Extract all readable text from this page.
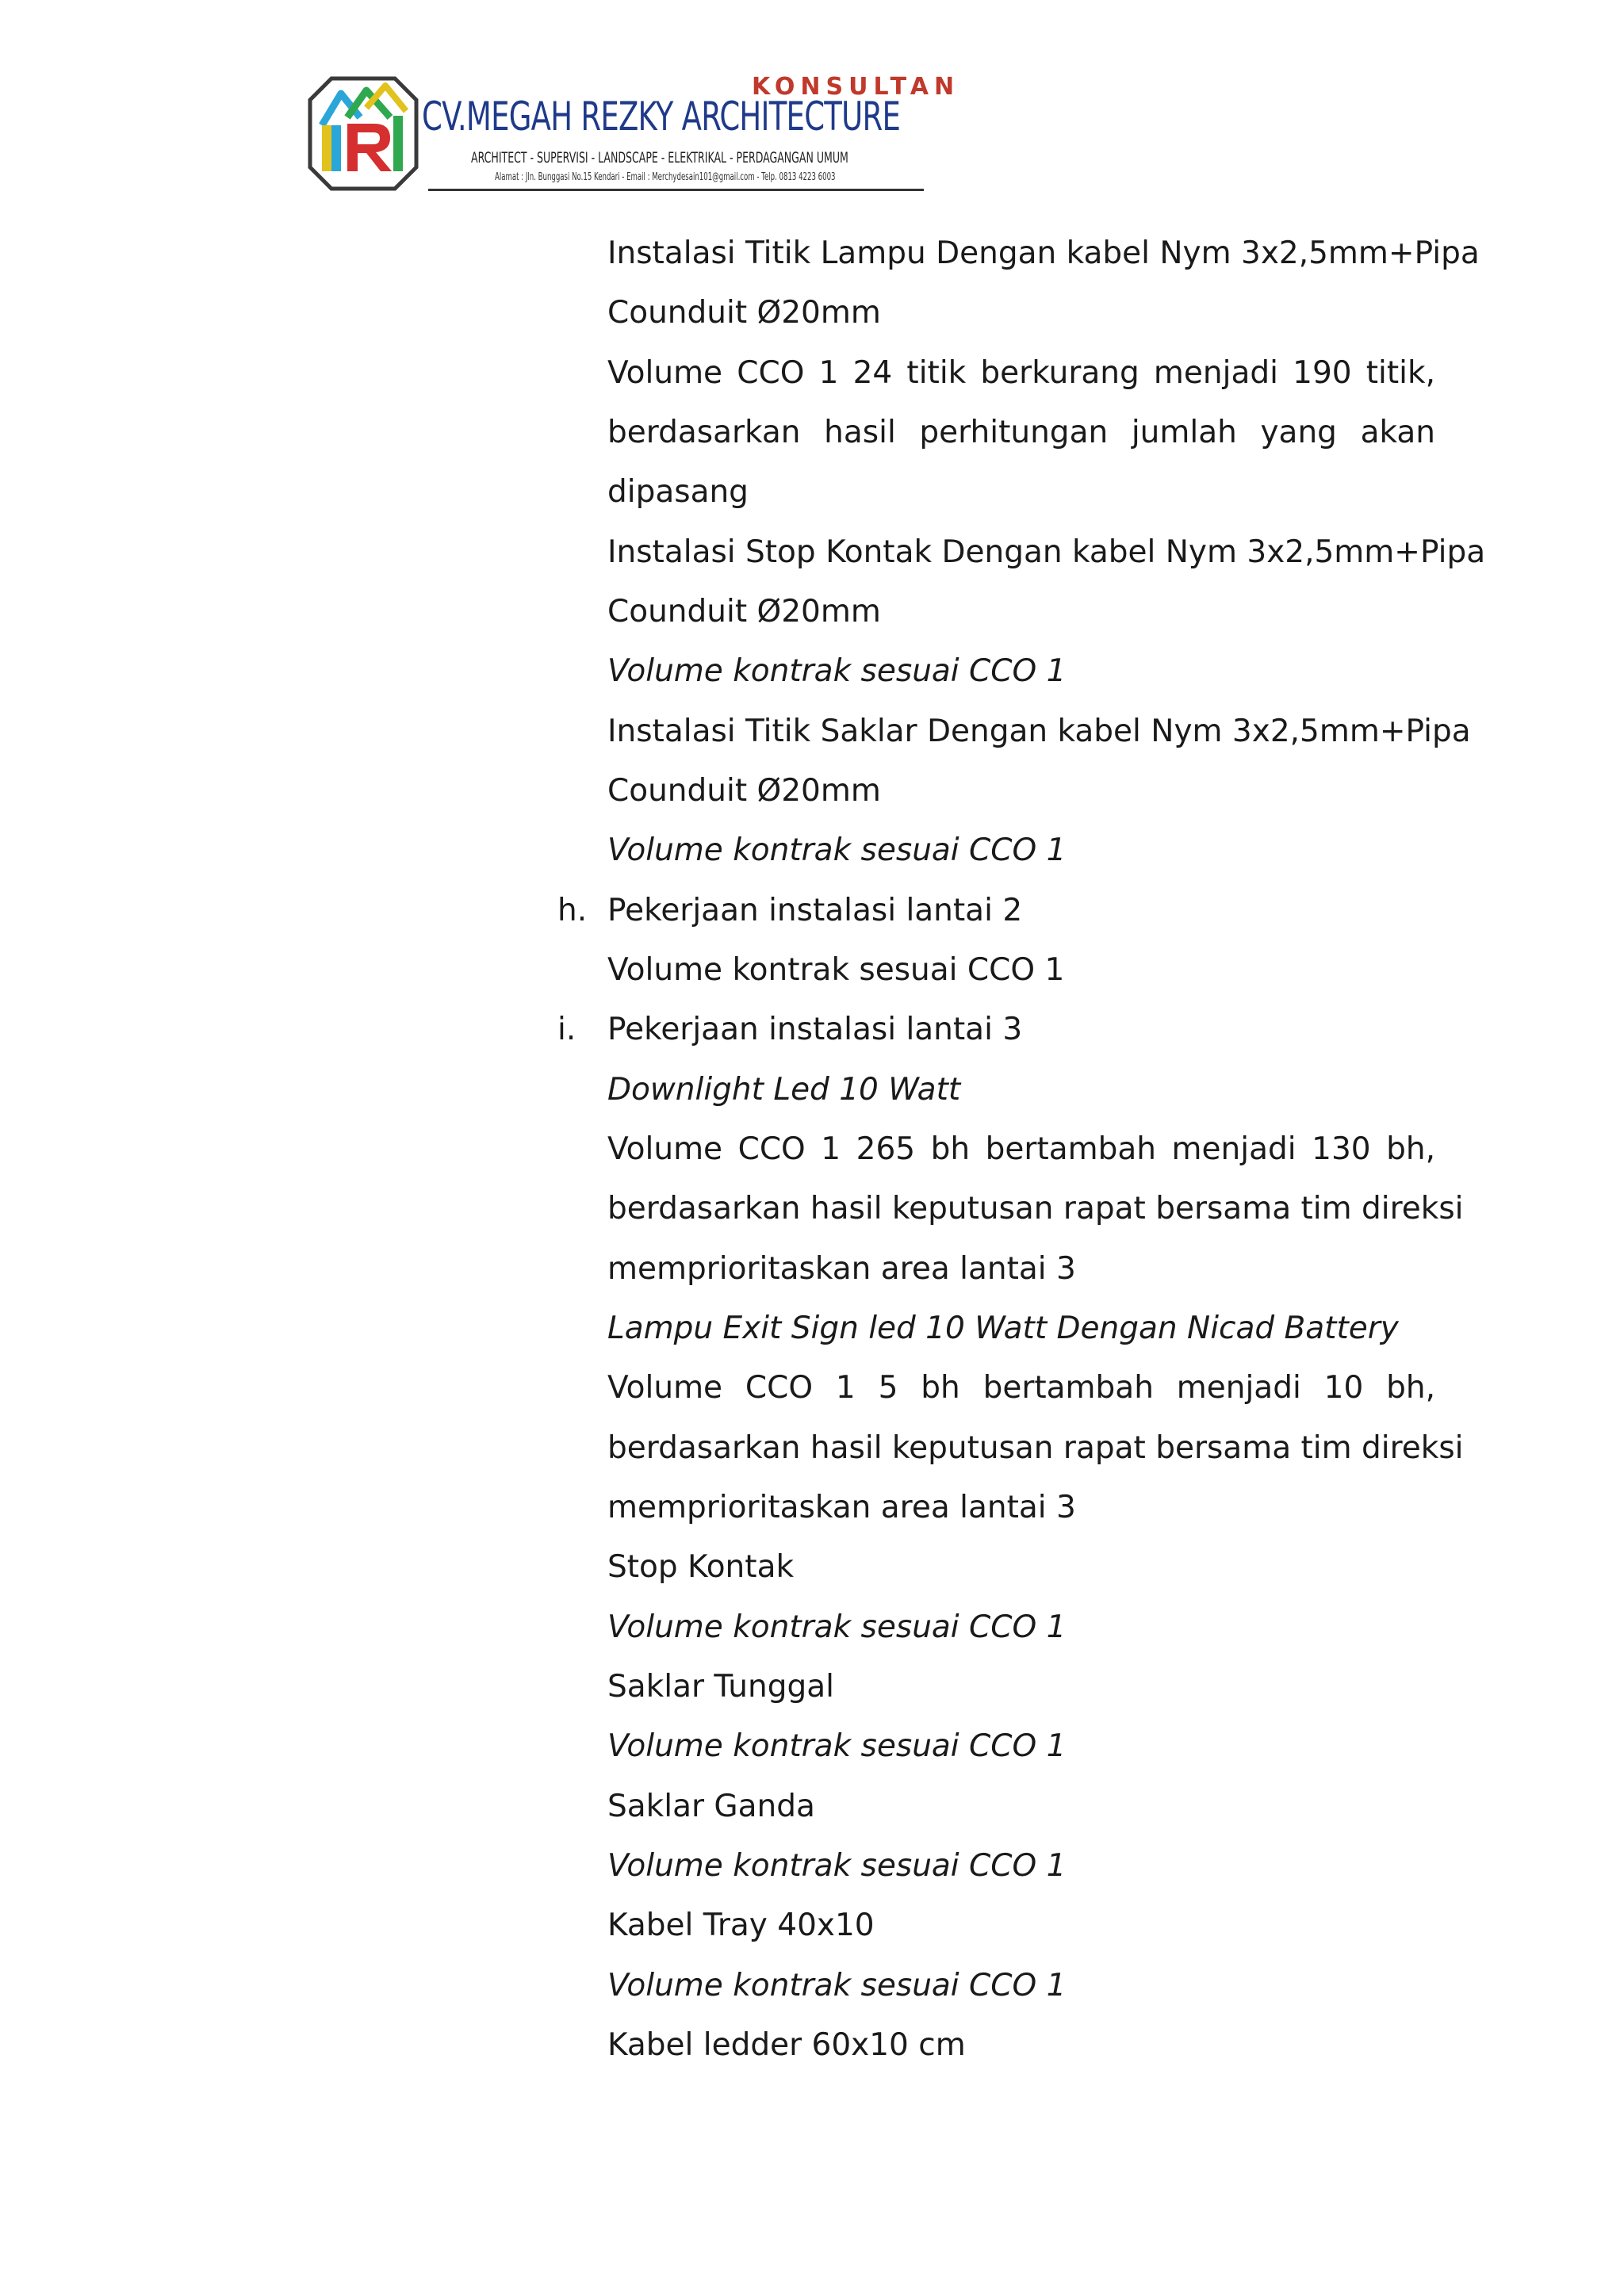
KONSULTAN
CV.MEGAH REZKY ARCHITECTURE
ARCHITECT - SUPERVISI - LANDSCAPE - ELEKTRIKAL - PERDAGANGAN UMUM
Alamat : Jln. Bunggasi No.15 Kendari - Email : Merchydesain101@gmail.com - Telp. 0813 4223 6003
Instalasi Titik Lampu Dengan kabel Nym 3x2,5mm+Pipa
Counduit Ø20mm
Volume CCO 1 24 titik berkurang menjadi 190 titik,
berdasarkan hasil perhitungan jumlah yang akan
dipasang
Instalasi Stop Kontak Dengan kabel Nym 3x2,5mm+Pipa
Counduit Ø20mm
Volume kontrak sesuai CCO 1
Instalasi Titik Saklar Dengan kabel Nym 3x2,5mm+Pipa
Counduit Ø20mm
Volume kontrak sesuai CCO 1
h. Pekerjaan instalasi lantai 2
Volume kontrak sesuai CCO 1
i. Pekerjaan instalasi lantai 3
Downlight Led 10 Watt
Volume CCO 1 265 bh bertambah menjadi 130 bh,
berdasarkan hasil keputusan rapat bersama tim direksi
memprioritaskan area lantai 3
Lampu Exit Sign led 10 Watt Dengan Nicad Battery
Volume CCO 1 5 bh bertambah menjadi 10 bh,
berdasarkan hasil keputusan rapat bersama tim direksi
memprioritaskan area lantai 3
Stop Kontak
Volume kontrak sesuai CCO 1
Saklar Tunggal
Volume kontrak sesuai CCO 1
Saklar Ganda
Volume kontrak sesuai CCO 1
Kabel Tray 40x10
Volume kontrak sesuai CCO 1
Kabel ledder 60x10 cm
